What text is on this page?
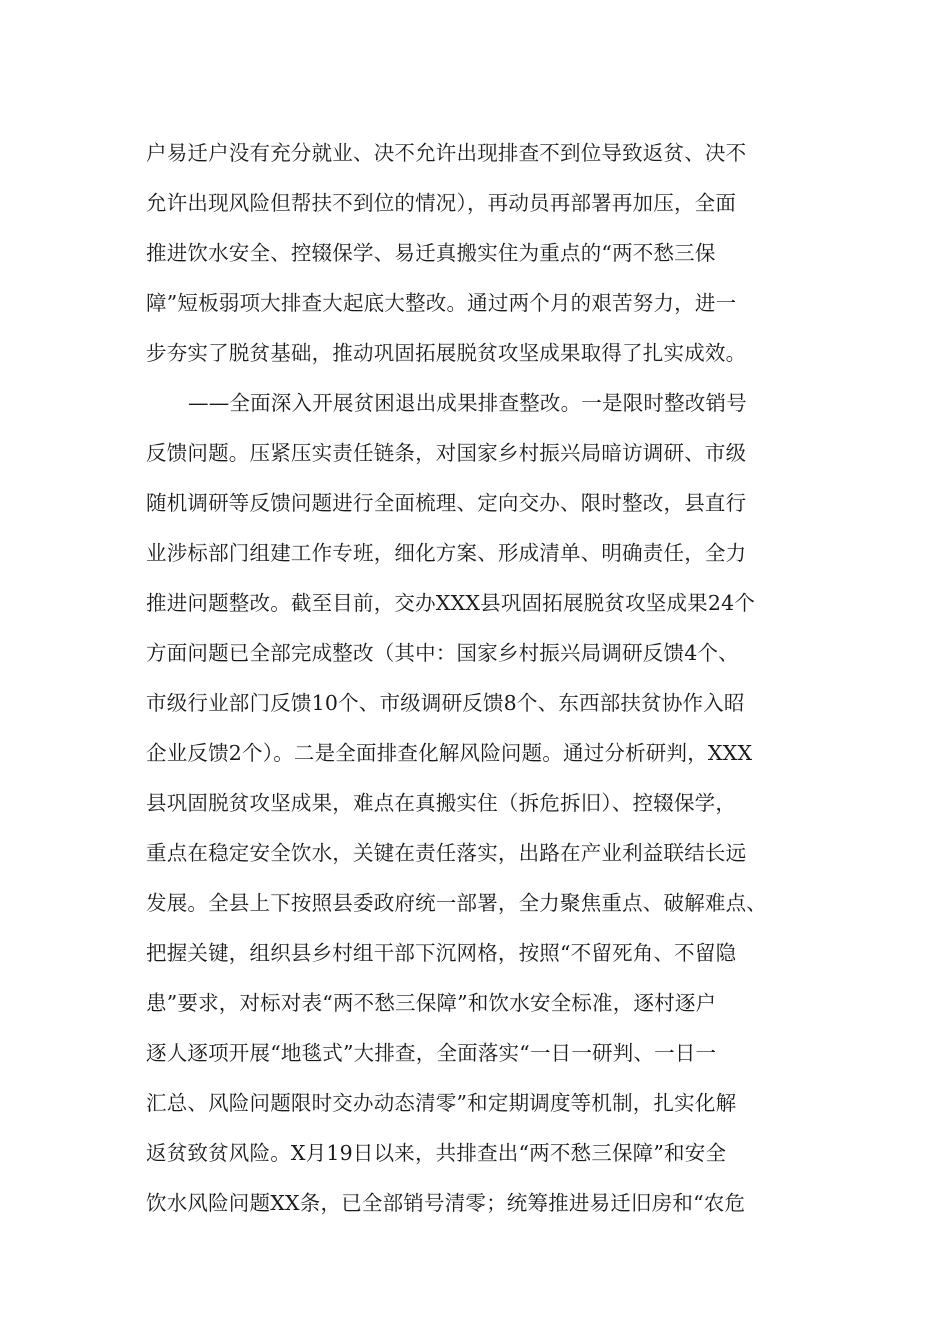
户易迁户没有充分就业、决不允许出现排查不到位导致返贫、决不
允许出现风险但帮扶不到位的情况），再动员再部署再加压，全面
推进饮水安全、控辍保学、易迁真搬实住为重点的“两不愁三保
障”短板弱项大排查大起底大整改。通过两个月的艰苦努力，进一
步夯实了脱贫基础，推动巩固拓展脱贫攻坚成果取得了扎实成效。
——全面深入开展贫困退出成果排查整改。一是限时整改销号
反馈问题。压紧压实责任链条，对国家乡村振兴局暗访调研、市级
随机调研等反馈问题进行全面梳理、定向交办、限时整改，县直行
业涉标部门组建工作专班，细化方案、形成清单、明确责任，全力
推进问题整改。截至目前，交办XXX县巩固拓展脱贫攻坚成果24个
方面问题已全部完成整改（其中：国家乡村振兴局调研反馈4个、
市级行业部门反馈10个、市级调研反馈8个、东西部扶贫协作入昭
企业反馈2个）。二是全面排查化解风险问题。通过分析研判，XXX
县巩固脱贫攻坚成果，难点在真搬实住（拆危拆旧）、控辍保学，
重点在稳定安全饮水，关键在责任落实，出路在产业利益联结长远
发展。全县上下按照县委政府统一部署，全力聚焦重点、破解难点、
把握关键，组织县乡村组干部下沉网格，按照“不留死角、不留隐
患”要求，对标对表“两不愁三保障”和饮水安全标准，逐村逐户
逐人逐项开展“地毯式”大排查，全面落实“一日一研判、一日一
汇总、风险问题限时交办动态清零”和定期调度等机制，扎实化解
返贫致贫风险。X月19日以来，共排查出“两不愁三保障”和安全
饮水风险问题XX条，已全部销号清零；统筹推进易迁旧房和“农危
